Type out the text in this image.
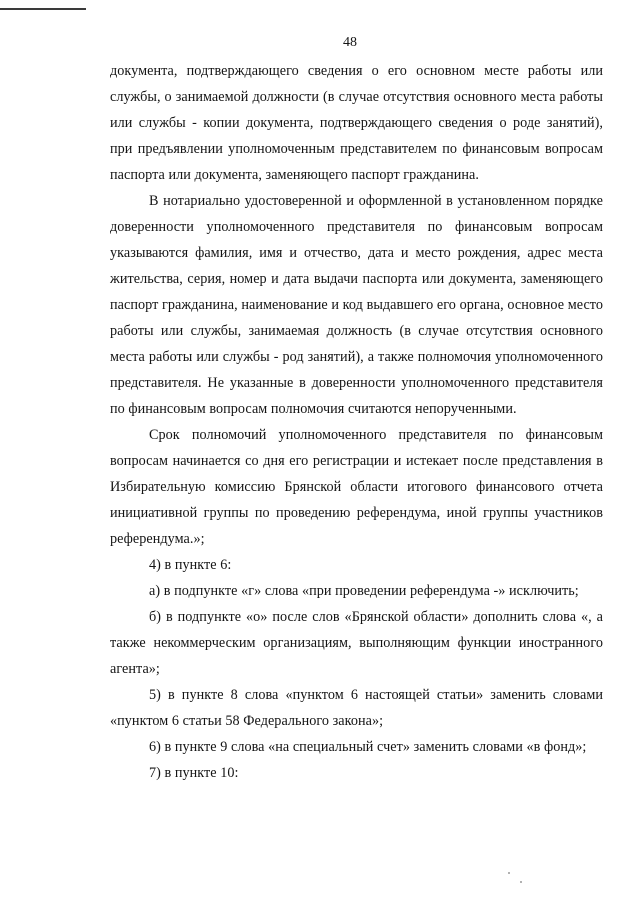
48

документа, подтверждающего сведения о его основном месте работы или службы, о занимаемой должности (в случае отсутствия основного места работы или службы - копии документа, подтверждающего сведения о роде занятий), при предъявлении уполномоченным представителем по финансовым вопросам паспорта или документа, заменяющего паспорт гражданина.

В нотариально удостоверенной и оформленной в установленном порядке доверенности уполномоченного представителя по финансовым вопросам указываются фамилия, имя и отчество, дата и место рождения, адрес места жительства, серия, номер и дата выдачи паспорта или документа, заменяющего паспорт гражданина, наименование и код выдавшего его органа, основное место работы или службы, занимаемая должность (в случае отсутствия основного места работы или службы - род занятий), а также полномочия уполномоченного представителя. Не указанные в доверенности уполномоченного представителя по финансовым вопросам полномочия считаются непорученными.

Срок полномочий уполномоченного представителя по финансовым вопросам начинается со дня его регистрации и истекает после представления в Избирательную комиссию Брянской области итогового финансового отчета инициативной группы по проведению референдума, иной группы участников референдума.»;

4) в пункте 6:

а) в подпункте «г» слова «при проведении референдума -» исключить;

б) в подпункте «о» после слов «Брянской области» дополнить слова «, а также некоммерческим организациям, выполняющим функции иностранного агента»;

5) в пункте 8 слова «пунктом 6 настоящей статьи» заменить словами «пунктом 6 статьи 58 Федерального закона»;

6) в пункте 9 слова «на специальный счет» заменить словами «в фонд»;

7) в пункте 10:
